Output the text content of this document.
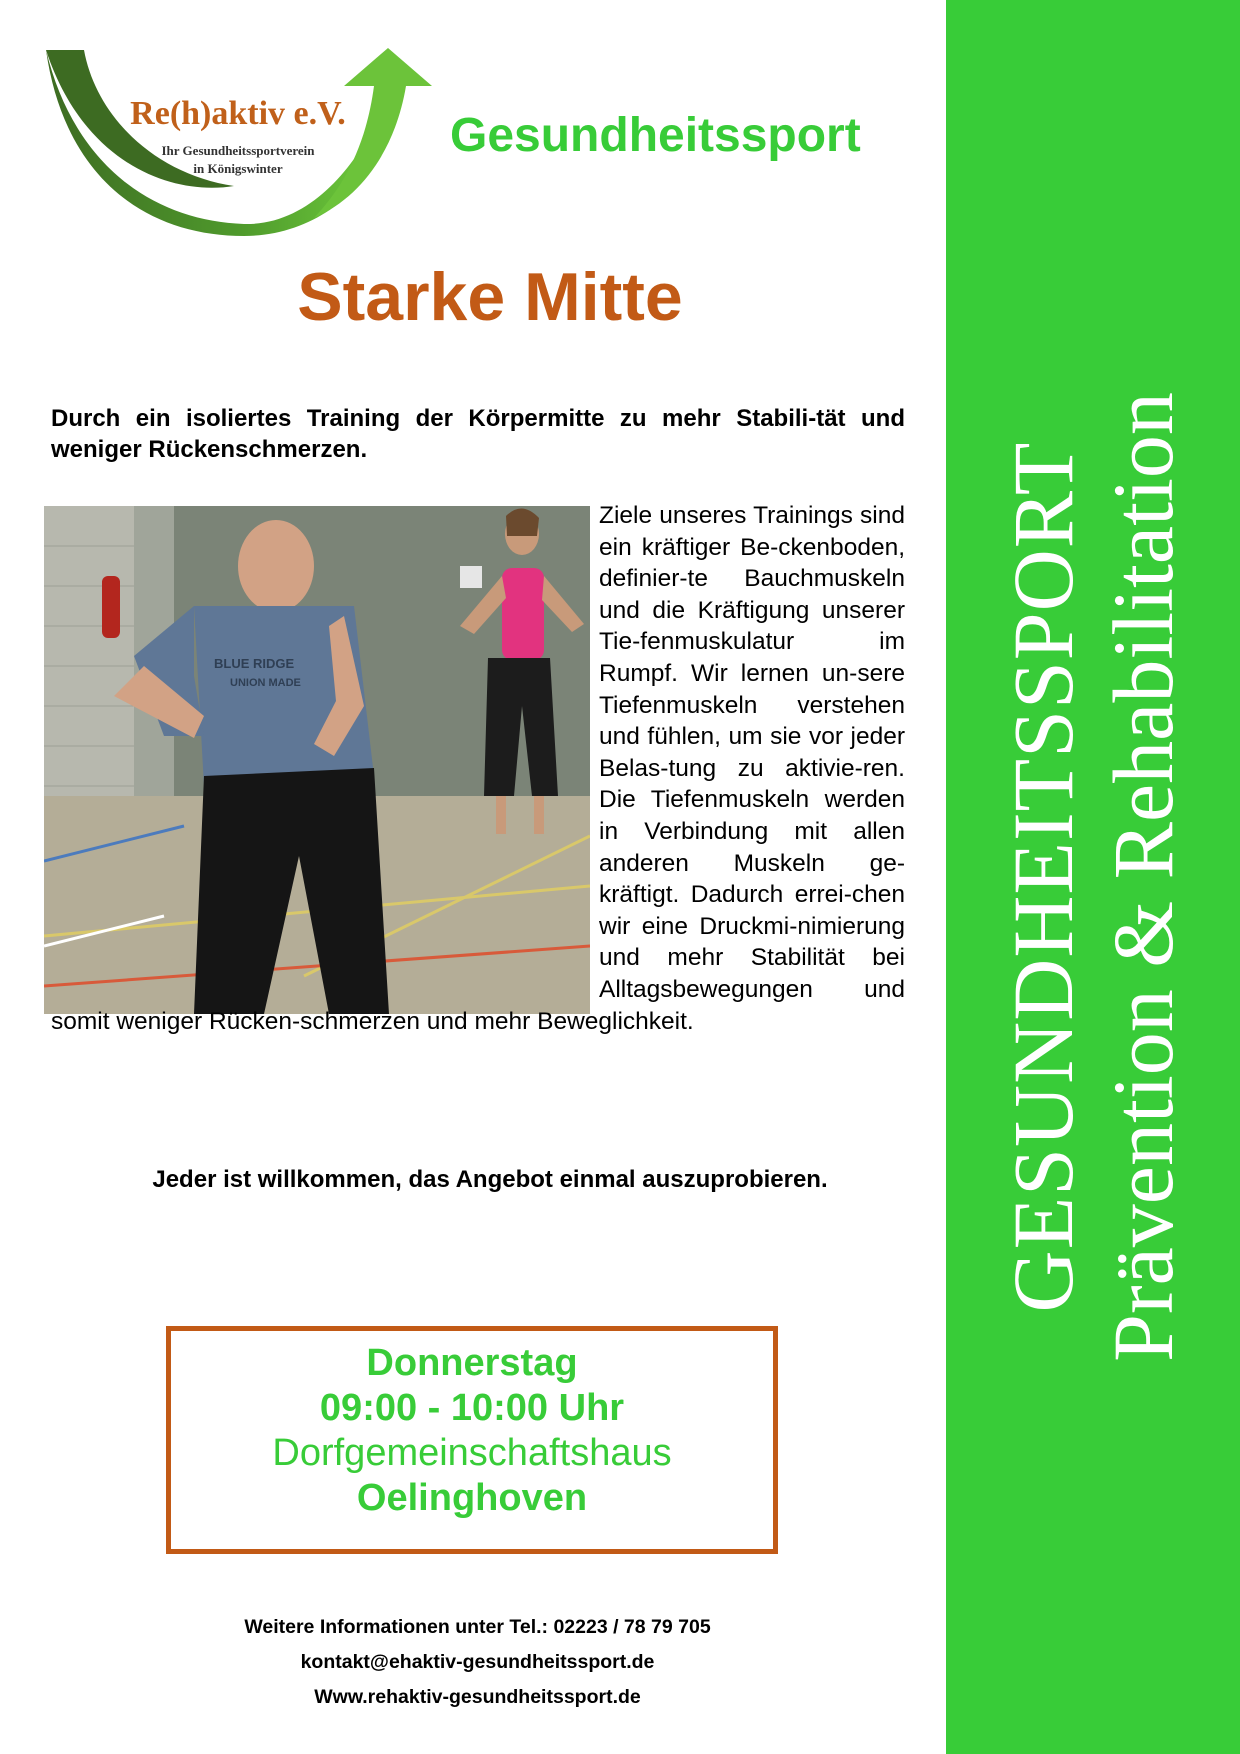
Re(h)aktiv e.V.
Ihr Gesundheitssportverein
in Königswinter
Gesundheitssport
Starke Mitte
Durch ein isoliertes Training der Körpermitte zu mehr Stabili-tät und weniger Rückenschmerzen.
BLUE RIDGE
UNION MADE
Ziele unseres Trainings sind ein kräftiger Be-ckenboden, definier-te Bauchmuskeln und die Kräftigung unserer Tie-fenmuskulatur im Rumpf. Wir lernen un-sere Tiefenmuskeln verstehen und fühlen, um sie vor jeder Belas-tung zu aktivie-ren. Die Tiefenmuskeln werden in Verbindung mit allen anderen Muskeln ge-kräftigt. Dadurch errei-chen wir eine Druckmi-nimierung und mehr Stabilität bei Alltagsbewegungen und somit weniger Rücken-schmerzen und mehr Beweglichkeit.
Jeder ist willkommen, das Angebot einmal auszuprobieren.
Donnerstag
09:00 - 10:00 Uhr
Dorfgemeinschaftshaus
Oelinghoven
Weitere Informationen unter Tel.: 02223 / 78 79 705
kontakt@ehaktiv-gesundheitssport.de
Www.rehaktiv-gesundheitssport.de
GESUNDHEITSSPORT Prävention & Rehabilitation
